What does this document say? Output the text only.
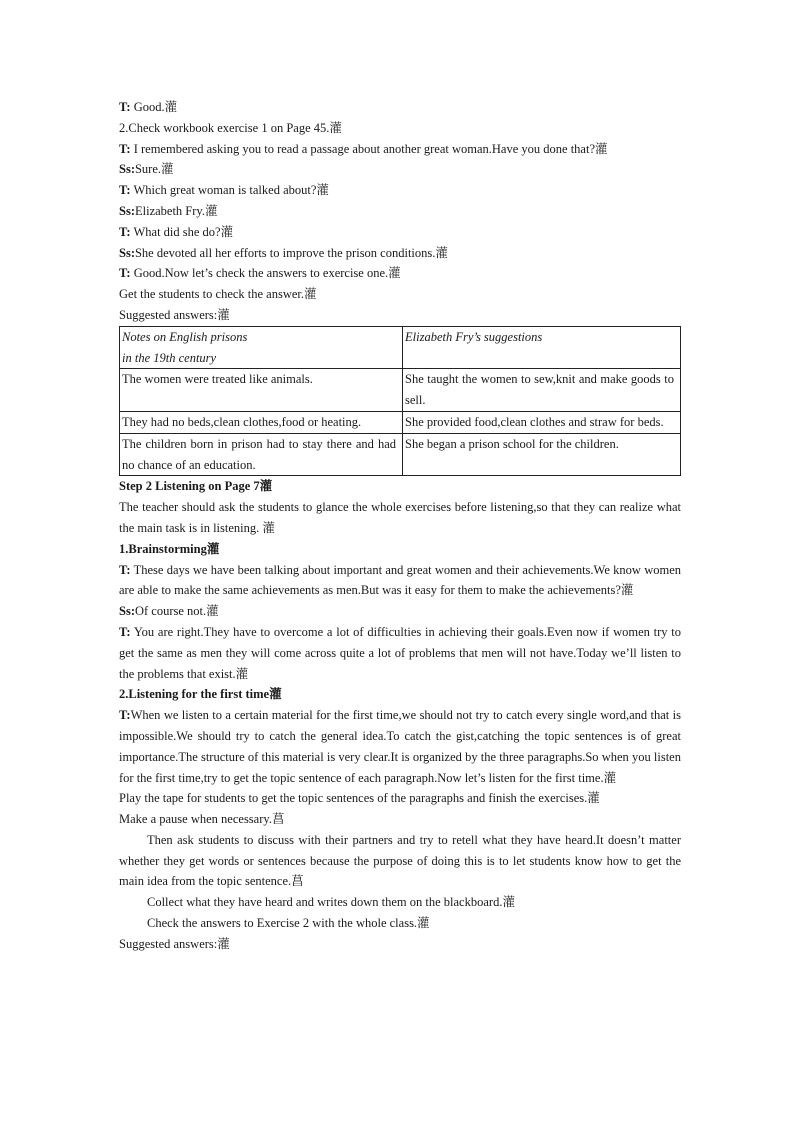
T: Good.灌

2.Check workbook exercise 1 on Page 45.灌

T: I remembered asking you to read a passage about another great woman.Have you done that?灌

Ss:Sure.灌

T: Which great woman is talked about?灌

Ss:Elizabeth Fry.灌

T: What did she do?灌

Ss:She devoted all her efforts to improve the prison conditions.灌

T: Good.Now let’s check the answers to exercise one.灌

Get the students to check the answer.灌

Suggested answers:灌

Notes on English prisons
in the 19th century	Elizabeth Fry’s suggestions
The women were treated like animals.	She taught the women to sew,knit and make goods to sell.
They had no beds,clean clothes,food or heating.	She provided food,clean clothes and straw for beds.
The children born in prison had to stay there and had no chance of an education.	She began a prison school for the children.

Step 2 Listening on Page 7灌

The teacher should ask the students to glance the whole exercises before listening,so that they can realize what the main task is in listening. 灌

1.Brainstorming灌

T: These days we have been talking about important and great women and their achievements.We know women are able to make the same achievements as men.But was it easy for them to make the achievements?灌

Ss:Of course not.灌

T: You are right.They have to overcome a lot of difficulties in achieving their goals.Even now if women try to get the same as men they will come across quite a lot of problems that men will not have.Today we’ll listen to the problems that exist.灌

2.Listening for the first time灌

T:When we listen to a certain material for the first time,we should not try to catch every single word,and that is impossible.We should try to catch the general idea.To catch the gist,catching the topic sentences is of great importance.The structure of this material is very clear.It is organized by the three paragraphs.So when you listen for the first time,try to get the topic sentence of each paragraph.Now let’s listen for the first time.灌

Play the tape for students to get the topic sentences of the paragraphs and finish the exercises.灌

Make a pause when necessary.菖

Then ask students to discuss with their partners and try to retell what they have heard.It doesn’t matter whether they get words or sentences because the purpose of doing this is to let students know how to get the main idea from the topic sentence.菖

Collect what they have heard and writes down them on the blackboard.灌

Check the answers to Exercise 2 with the whole class.灌

Suggested answers:灌
